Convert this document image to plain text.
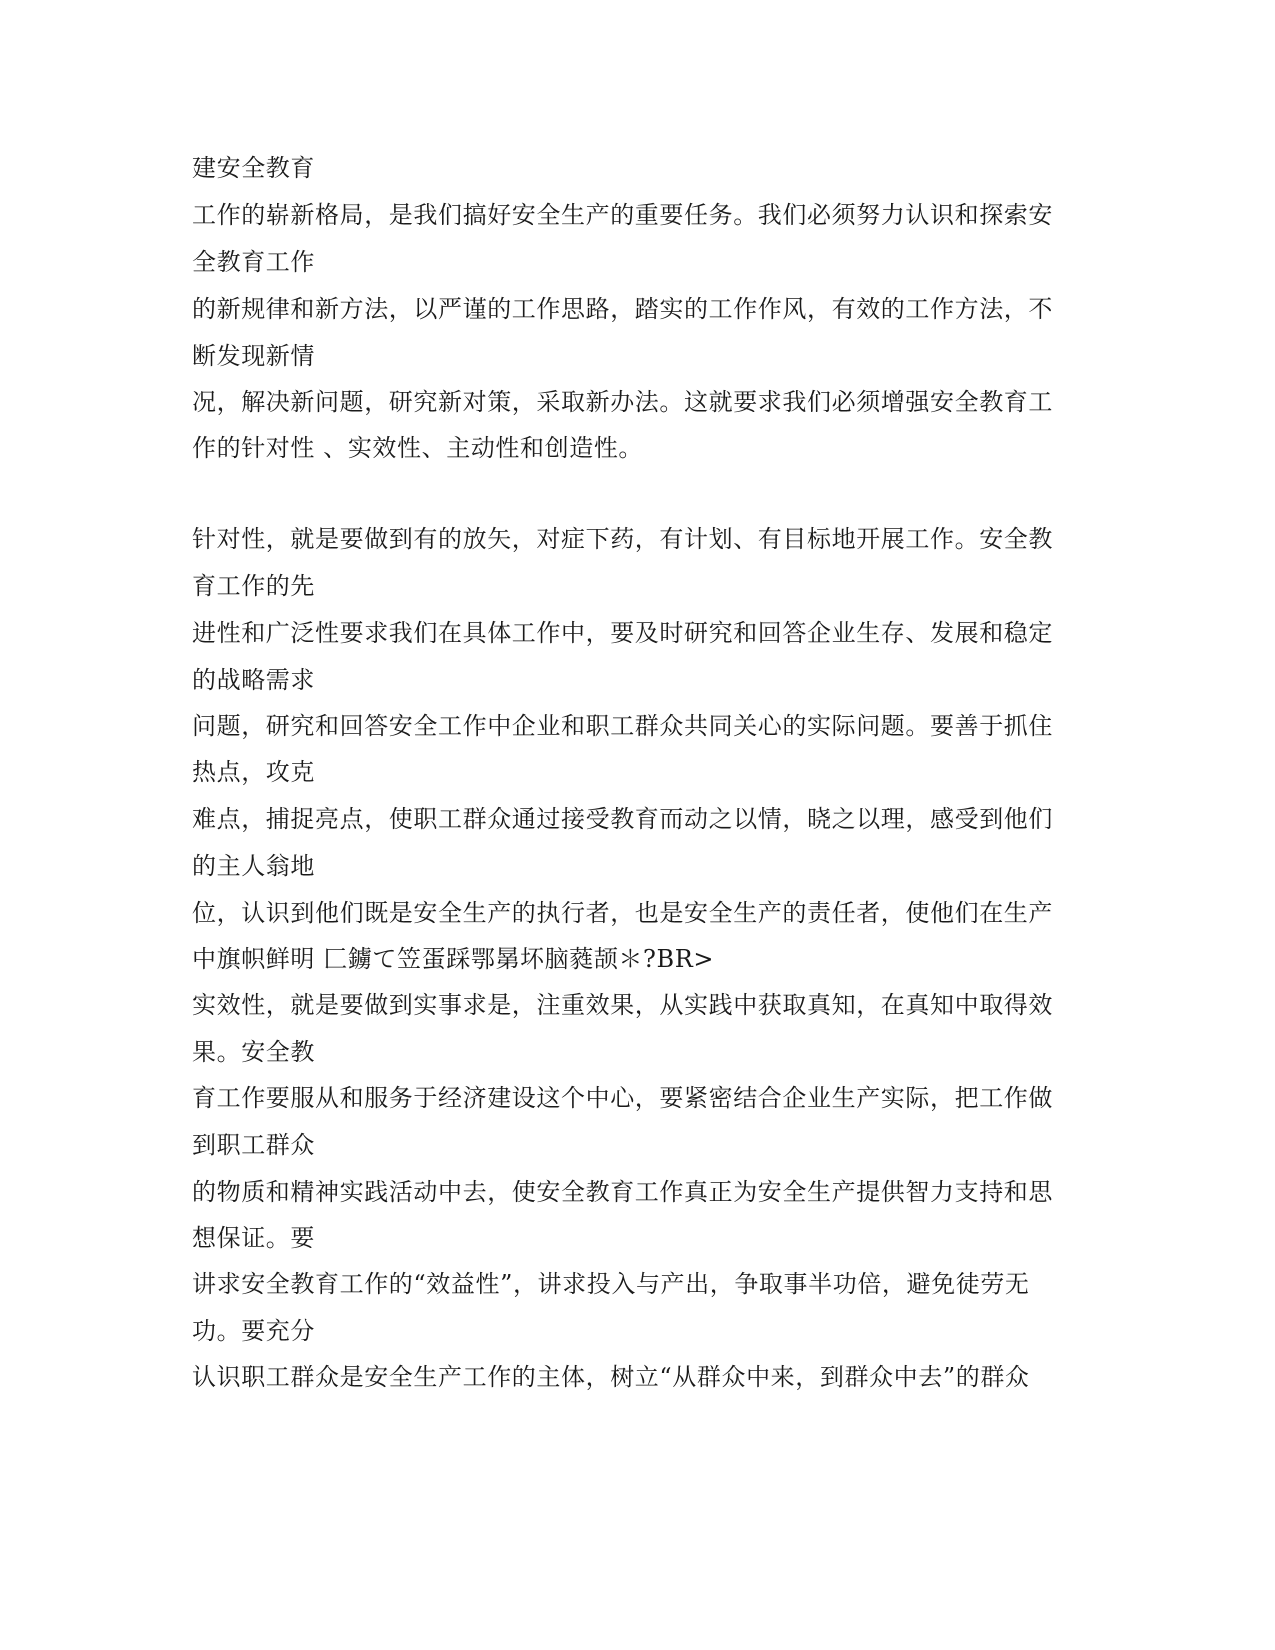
建安全教育
工作的崭新格局，是我们搞好安全生产的重要任务。我们必须努力认识和探索安
全教育工作
的新规律和新方法，以严谨的工作思路，踏实的工作作风，有效的工作方法，不
断发现新情
况，解决新问题，研究新对策，采取新办法。这就要求我们必须增强安全教育工
作的针对性 、实效性、主动性和创造性。
针对性，就是要做到有的放矢，对症下药，有计划、有目标地开展工作。安全教
育工作的先
进性和广泛性要求我们在具体工作中，要及时研究和回答企业生存、发展和稳定
的战略需求
问题，研究和回答安全工作中企业和职工群众共同关心的实际问题。要善于抓住
热点，攻克
难点，捕捉亮点，使职工群众通过接受教育而动之以情，晓之以理，感受到他们
的主人翁地
位，认识到他们既是安全生产的执行者，也是安全生产的责任者，使他们在生产
中旗帜鲜明 匚鐪て笠蛋踩鄂晜坏脑蕤颉＊?BR>
实效性，就是要做到实事求是，注重效果，从实践中获取真知，在真知中取得效
果。安全教
育工作要服从和服务于经济建设这个中心，要紧密结合企业生产实际，把工作做
到职工群众
的物质和精神实践活动中去，使安全教育工作真正为安全生产提供智力支持和思
想保证。要
讲求安全教育工作的“效益性”，讲求投入与产出，争取事半功倍，避免徒劳无
功。要充分
认识职工群众是安全生产工作的主体，树立“从群众中来，到群众中去”的群众
